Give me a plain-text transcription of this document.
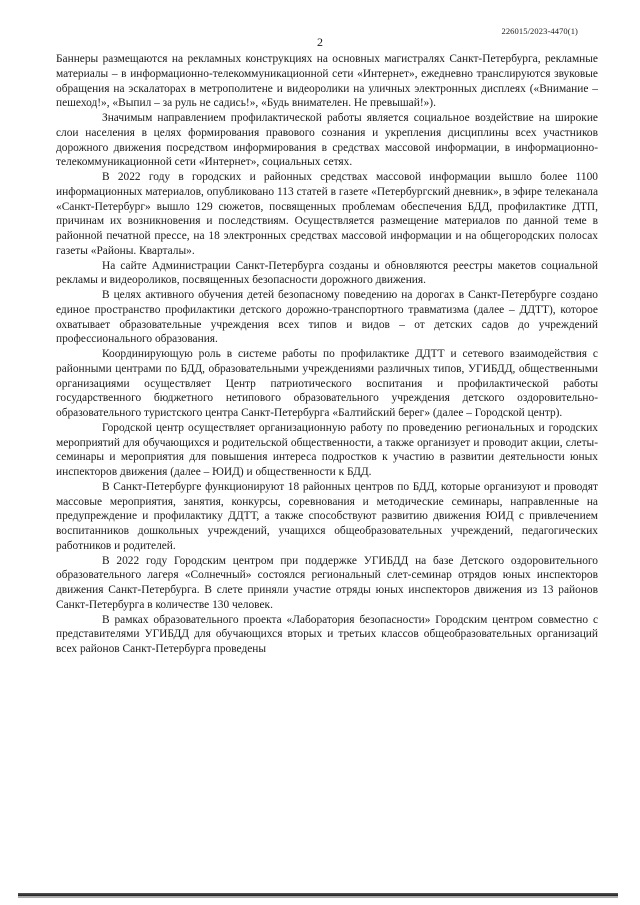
226015/2023-4470(1)
2

Баннеры размещаются на рекламных конструкциях на основных магистралях Санкт-Петербурга, рекламные материалы – в информационно-телекоммуникационной сети «Интернет», ежедневно транслируются звуковые обращения на эскалаторах в метрополитене и видеоролики на уличных электронных дисплеях («Внимание – пешеход!», «Выпил – за руль не садись!», «Будь внимателен. Не превышай!»).

Значимым направлением профилактической работы является социальное воздействие на широкие слои населения в целях формирования правового сознания и укрепления дисциплины всех участников дорожного движения посредством информирования в средствах массовой информации, в информационно-телекоммуникационной сети «Интернет», социальных сетях.

В 2022 году в городских и районных средствах массовой информации вышло более 1100 информационных материалов, опубликовано 113 статей в газете «Петербургский дневник», в эфире телеканала «Санкт-Петербург» вышло 129 сюжетов, посвященных проблемам обеспечения БДД, профилактике ДТП, причинам их возникновения и последствиям. Осуществляется размещение материалов по данной теме в районной печатной прессе, на 18 электронных средствах массовой информации и на общегородских полосах газеты «Районы. Кварталы».

На сайте Администрации Санкт-Петербурга созданы и обновляются реестры макетов социальной рекламы и видеороликов, посвященных безопасности дорожного движения.

В целях активного обучения детей безопасному поведению на дорогах в Санкт-Петербурге создано единое пространство профилактики детского дорожно-транспортного травматизма (далее – ДДТТ), которое охватывает образовательные учреждения всех типов и видов – от детских садов до учреждений профессионального образования.

Координирующую роль в системе работы по профилактике ДДТТ и сетевого взаимодействия с районными центрами по БДД, образовательными учреждениями различных типов, УГИБДД, общественными организациями осуществляет Центр патриотического воспитания и профилактической работы государственного бюджетного нетипового образовательного учреждения детского оздоровительно-образовательного туристского центра Санкт-Петербурга «Балтийский берег» (далее – Городской центр).

Городской центр осуществляет организационную работу по проведению региональных и городских мероприятий для обучающихся и родительской общественности, а также организует и проводит акции, слеты-семинары и мероприятия для повышения интереса подростков к участию в развитии деятельности юных инспекторов движения (далее – ЮИД) и общественности к БДД.

В Санкт-Петербурге функционируют 18 районных центров по БДД, которые организуют и проводят массовые мероприятия, занятия, конкурсы, соревнования и методические семинары, направленные на предупреждение и профилактику ДДТТ, а также способствуют развитию движения ЮИД с привлечением воспитанников дошкольных учреждений, учащихся общеобразовательных учреждений, педагогических работников и родителей.

В 2022 году Городским центром при поддержке УГИБДД на базе Детского оздоровительного образовательного лагеря «Солнечный» состоялся региональный слет-семинар отрядов юных инспекторов движения Санкт-Петербурга. В слете приняли участие отряды юных инспекторов движения из 13 районов Санкт-Петербурга в количестве 130 человек.

В рамках образовательного проекта «Лаборатория безопасности» Городским центром совместно с представителями УГИБДД для обучающихся вторых и третьих классов общеобразовательных организаций всех районов Санкт-Петербурга проведены
